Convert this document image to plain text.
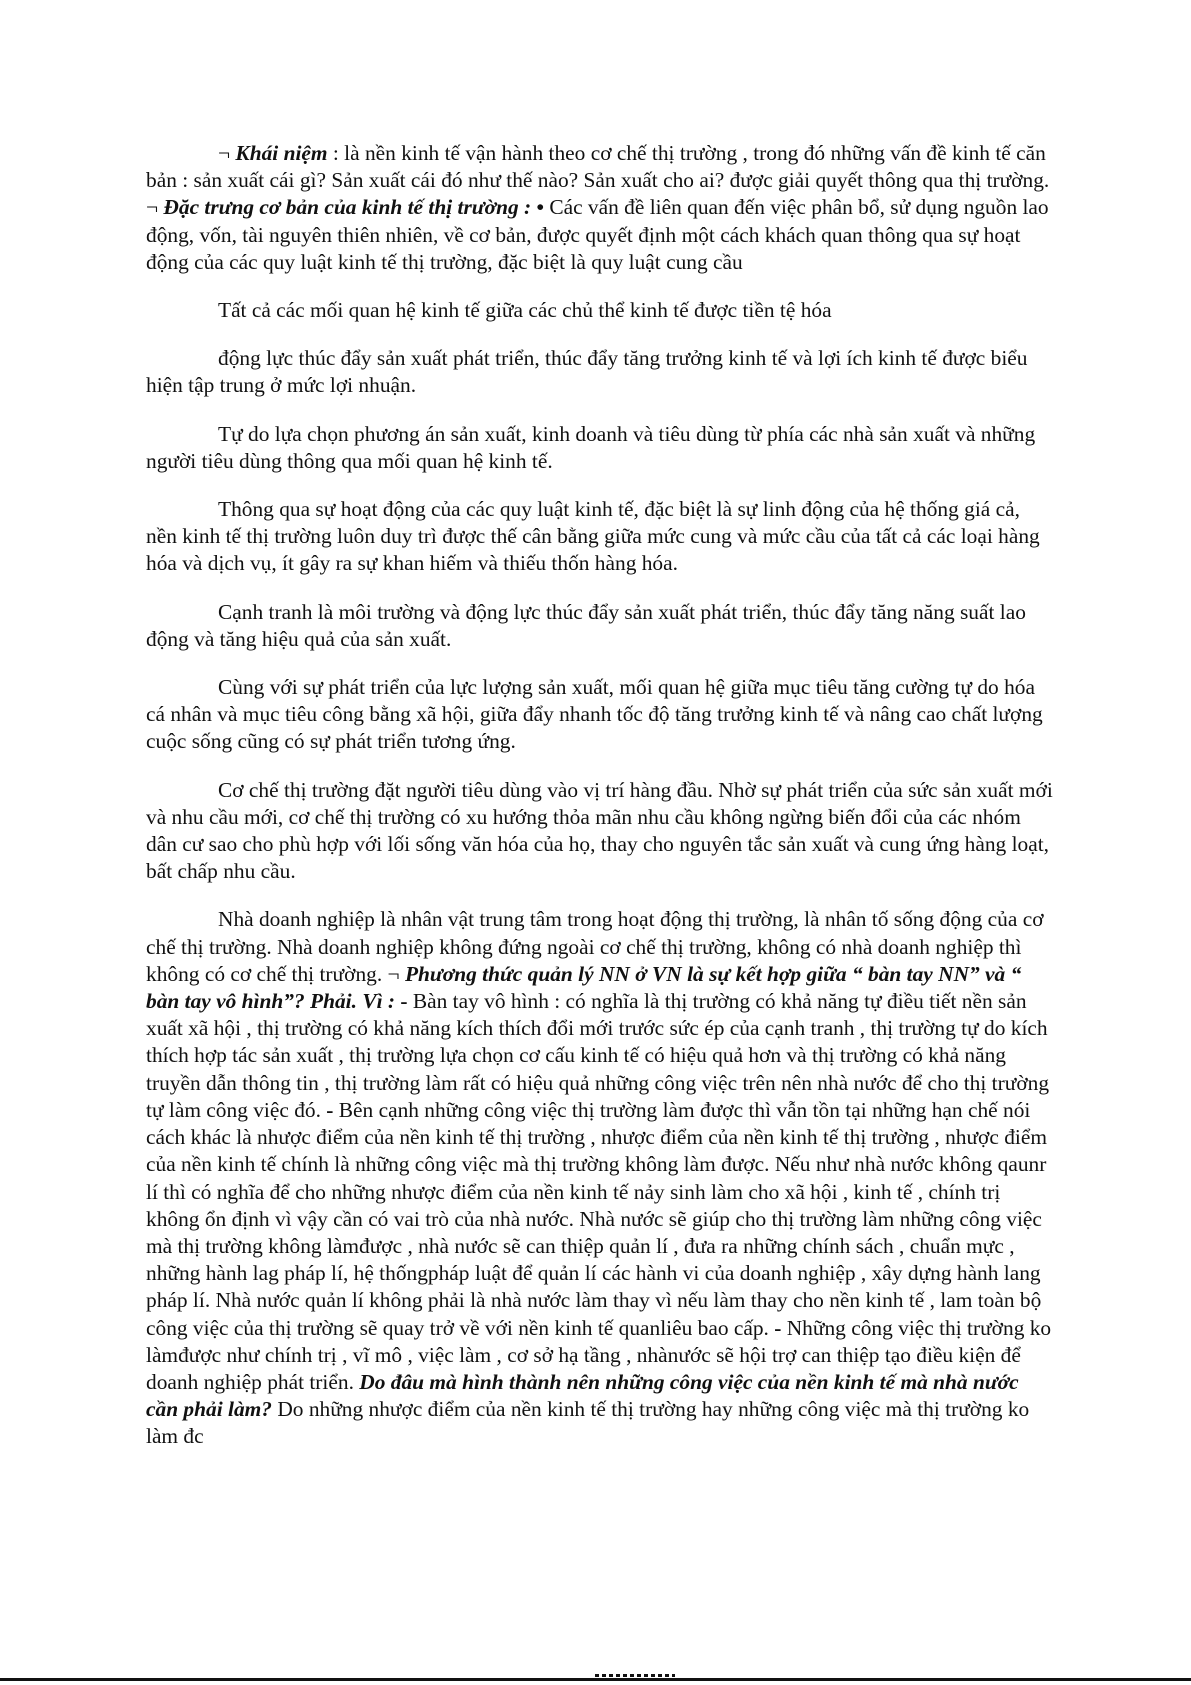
¬ Khái niệm : là nền kinh tế vận hành theo cơ chế thị trường , trong đó những vấn đề kinh tế căn bản : sản xuất cái gì? Sản xuất cái đó như thế nào? Sản xuất cho ai? được giải quyết thông qua thị trường. ¬ Đặc trưng cơ bản của kinh tế thị trường : • Các vấn đề liên quan đến việc phân bổ, sử dụng nguồn lao động, vốn, tài nguyên thiên nhiên, về cơ bản, được quyết định một cách khách quan thông qua sự hoạt động của các quy luật kinh tế thị trường, đặc biệt là quy luật cung cầu

Tất cả các mối quan hệ kinh tế giữa các chủ thể kinh tế được tiền tệ hóa

động lực thúc đẩy sản xuất phát triển, thúc đẩy tăng trưởng kinh tế và lợi ích kinh tế được biểu hiện tập trung ở mức lợi nhuận.

Tự do lựa chọn phương án sản xuất, kinh doanh và tiêu dùng từ phía các nhà sản xuất và những người tiêu dùng thông qua mối quan hệ kinh tế.

Thông qua sự hoạt động của các quy luật kinh tế, đặc biệt là sự linh động của hệ thống giá cả, nền kinh tế thị trường luôn duy trì được thế cân bằng giữa mức cung và mức cầu của tất cả các loại hàng hóa và dịch vụ, ít gây ra sự khan hiếm và thiếu thốn hàng hóa.

Cạnh tranh là môi trường và động lực thúc đẩy sản xuất phát triển, thúc đẩy tăng năng suất lao động và tăng hiệu quả của sản xuất.

Cùng với sự phát triển của lực lượng sản xuất, mối quan hệ giữa mục tiêu tăng cường tự do hóa cá nhân và mục tiêu công bằng xã hội, giữa đẩy nhanh tốc độ tăng trưởng kinh tế và nâng cao chất lượng cuộc sống cũng có sự phát triển tương ứng.

Cơ chế thị trường đặt người tiêu dùng vào vị trí hàng đầu. Nhờ sự phát triển của sức sản xuất mới và nhu cầu mới, cơ chế thị trường có xu hướng thỏa mãn nhu cầu không ngừng biến đổi của các nhóm dân cư sao cho phù hợp với lối sống văn hóa của họ, thay cho nguyên tắc sản xuất và cung ứng hàng loạt, bất chấp nhu cầu.

Nhà doanh nghiệp là nhân vật trung tâm trong hoạt động thị trường, là nhân tố sống động của cơ chế thị trường. Nhà doanh nghiệp không đứng ngoài cơ chế thị trường, không có nhà doanh nghiệp thì không có cơ chế thị trường. ¬ Phương thức quản lý NN ở VN là sự kết hợp giữa “ bàn tay NN” và “ bàn tay vô hình”? Phải. Vì : - Bàn tay vô hình : có nghĩa là thị trường có khả năng tự điều tiết nền sản xuất xã hội , thị trường có khả năng kích thích đổi mới trước sức ép của cạnh tranh , thị trường tự do kích thích hợp tác sản xuất , thị trường lựa chọn cơ cấu kinh tế có hiệu quả hơn và thị trường có khả năng truyền dẫn thông tin , thị trường làm rất có hiệu quả những công việc trên nên nhà nước để cho thị trường tự làm công việc đó. - Bên cạnh những công việc thị trường làm được thì vẫn tồn tại những hạn chế nói cách khác là nhược điểm của nền kinh tế thị trường , nhược điểm của nền kinh tế thị trường , nhược điểm của nền kinh tế chính là những công việc mà thị trường không làm được. Nếu như nhà nước không qaunr lí thì có nghĩa để cho những nhược điểm của nền kinh tế nảy sinh làm cho xã hội , kinh tế , chính trị không ổn định vì vậy cần có vai trò của nhà nước. Nhà nước sẽ giúp cho thị trường làm những công việc mà thị trường không làmđược , nhà nước sẽ can thiệp quản lí , đưa ra những chính sách , chuẩn mực , những hành lag pháp lí, hệ thốngpháp luật để quản lí các hành vi của doanh nghiệp , xây dựng hành lang pháp lí. Nhà nước quản lí không phải là nhà nước làm thay vì nếu làm thay cho nền kinh tế , lam toàn bộ công việc của thị trường sẽ quay trở về với nền kinh tế quanliêu bao cấp. - Những công việc thị trường ko làmđược như chính trị , vĩ mô , việc làm , cơ sở hạ tầng , nhànước sẽ hội trợ can thiệp tạo điều kiện để doanh nghiệp phát triển. Do đâu mà hình thành nên những công việc của nền kinh tế mà nhà nước cần phải làm? Do những nhược điểm của nền kinh tế thị trường hay những công việc mà thị trường ko làm đc
